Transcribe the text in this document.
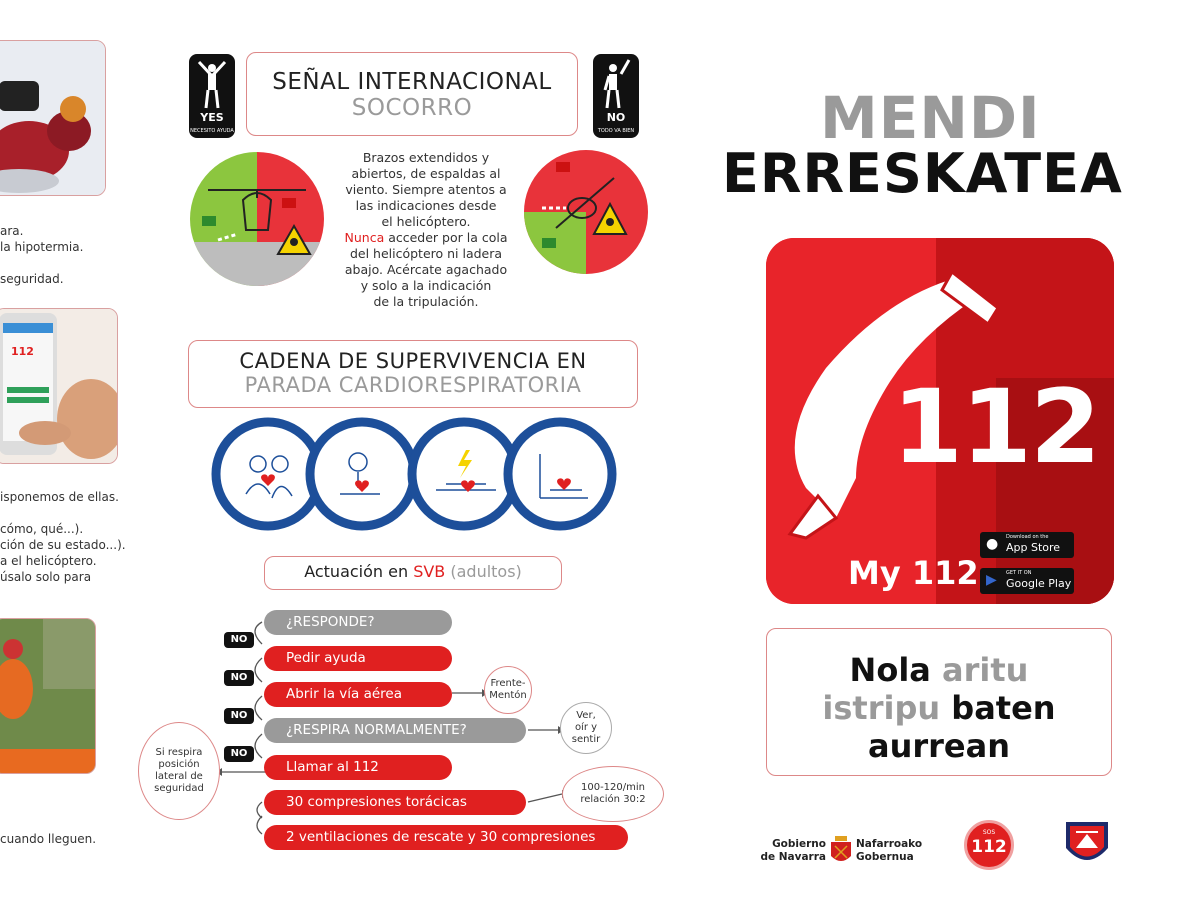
ara.
la hipotermia.
seguridad.
112
isponemos de ellas.
cómo, qué...).
ción de su estado...).
a el helicóptero.
úsalo solo para
cuando lleguen.
YES
NECESITO AYUDA
SEÑAL INTERNACIONAL
SOCORRO	NO
TODO VA BIEN
Brazos extendidos y
abiertos, de espaldas al
viento. Siempre atentos a
las indicaciones desde
el helicóptero.
Nunca acceder por la cola
del helicóptero ni ladera
abajo. Acércate agachado
y solo a la indicación
de la tripulación.
CADENA DE SUPERVIVENCIA EN
PARADA CARDIORESPIRATORIA
Actuación en SVB (adultos)
¿RESPONDE?
NO
Pedir ayuda
NO
Abrir la vía aérea
NO
¿RESPIRA NORMALMENTE?
NO
Llamar al 112
30 compresiones torácicas
2 ventilaciones de rescate y 30 compresiones
Frente-
Mentón
Ver,
oír y
sentir
Si respira
posición
lateral de
seguridad	100-120/min
relación 30:2
MENDI
ERRESKATEA
112
My 112
● Download on the
App Store
▶ GET IT ON
Google Play
Nola aritu
istripu baten
aurrean
Gobierno
de Navarra
Nafarroako
Gobernua
SOS
112
